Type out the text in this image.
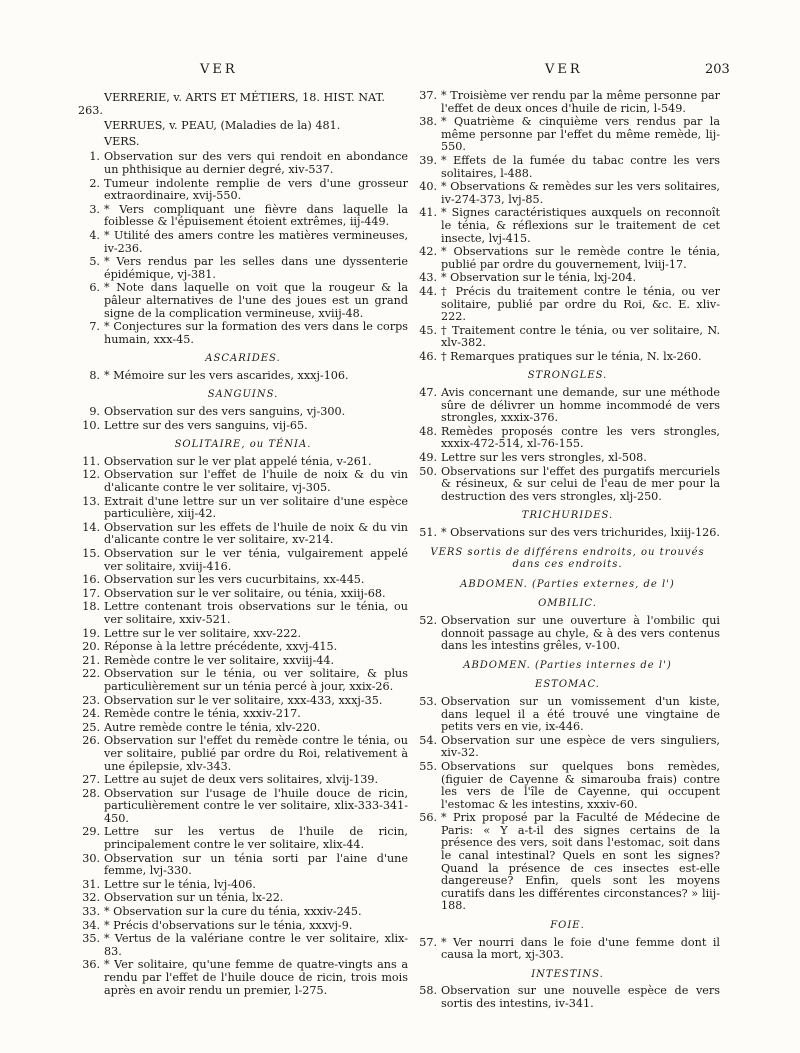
VER	VER	203
VERRERIE, v. ARTS ET MÉTIERS, 18. HIST. NAT. 263.
VERRUES, v. PEAU, (Maladies de la) 481.
VERS.
1. Observation sur des vers qui rendoit en abondance un phthisique au dernier degré, xiv-537.
2. Tumeur indolente remplie de vers d'une grosseur extraordinaire, xvij-550.
3. * Vers compliquant une fièvre dans laquelle la foiblesse & l'épuisement étoient extrêmes, iij-449.
4. * Utilité des amers contre les matières vermineuses, iv-236.
5. * Vers rendus par les selles dans une dyssenterie épidémique, vj-381.
6. * Note dans laquelle on voit que la rougeur & la pâleur alternatives de l'une des joues est un grand signe de la complication vermineuse, xviij-48.
7. * Conjectures sur la formation des vers dans le corps humain, xxx-45.
ASCARIDES.
8. * Mémoire sur les vers ascarides, xxxj-106.
SANGUINS.
9. Observation sur des vers sanguins, vj-300.
10. Lettre sur des vers sanguins, vij-65.
SOLITAIRE, ou TÉNIA.
11. Observation sur le ver plat appelé ténia, v-261.
12. Observation sur l'effet de l'huile de noix & du vin d'alicante contre le ver solitaire, vj-305.
13. Extrait d'une lettre sur un ver solitaire d'une espèce particulière, xiij-42.
14. Observation sur les effets de l'huile de noix & du vin d'alicante contre le ver solitaire, xv-214.
15. Observation sur le ver ténia, vulgairement appelé ver solitaire, xviij-416.
16. Observation sur les vers cucurbitains, xx-445.
17. Observation sur le ver solitaire, ou ténia, xxiij-68.
18. Lettre contenant trois observations sur le ténia, ou ver solitaire, xxiv-521.
19. Lettre sur le ver solitaire, xxv-222.
20. Réponse à la lettre précédente, xxvj-415.
21. Remède contre le ver solitaire, xxviij-44.
22. Observation sur le ténia, ou ver solitaire, & plus particulièrement sur un ténia percé à jour, xxix-26.
23. Observation sur le ver solitaire, xxx-433, xxxj-35.
24. Remède contre le ténia, xxxiv-217.
25. Autre remède contre le ténia, xlv-220.
26. Observation sur l'effet du remède contre le ténia, ou ver solitaire, publié par ordre du Roi, relativement à une épilepsie, xlv-343.
27. Lettre au sujet de deux vers solitaires, xlvij-139.
28. Observation sur l'usage de l'huile douce de ricin, particulièrement contre le ver solitaire, xlix-333-341-450.
29. Lettre sur les vertus de l'huile de ricin, principalement contre le ver solitaire, xlix-44.
30. Observation sur un ténia sorti par l'aine d'une femme, lvj-330.
31. Lettre sur le ténia, lvj-406.
32. Observation sur un ténia, lx-22.
33. * Observation sur la cure du ténia, xxxiv-245.
34. * Précis d'observations sur le ténia, xxxvj-9.
35. * Vertus de la valériane contre le ver solitaire, xlix-83.
36. * Ver solitaire, qu'une femme de quatre-vingts ans a rendu par l'effet de l'huile douce de ricin, trois mois après en avoir rendu un premier, l-275.
37. * Troisième ver rendu par la même personne par l'effet de deux onces d'huile de ricin, l-549.
38. * Quatrième & cinquième vers rendus par la même personne par l'effet du même remède, lij-550.
39. * Effets de la fumée du tabac contre les vers solitaires, l-488.
40. * Observations & remèdes sur les vers solitaires, iv-274-373, lvj-85.
41. * Signes caractéristiques auxquels on reconnoît le ténia, & réflexions sur le traitement de cet insecte, lvj-415.
42. * Observations sur le remède contre le ténia, publié par ordre du gouvernement, lviij-17.
43. * Observation sur le ténia, lxj-204.
44. † Précis du traitement contre le ténia, ou ver solitaire, publié par ordre du Roi, &c. E. xliv-222.
45. † Traitement contre le ténia, ou ver solitaire, N. xlv-382.
46. † Remarques pratiques sur le ténia, N. lx-260.
STRONGLES.
47. Avis concernant une demande, sur une méthode sûre de délivrer un homme incommodé de vers strongles, xxxix-376.
48. Remèdes proposés contre les vers strongles, xxxix-472-514, xl-76-155.
49. Lettre sur les vers strongles, xl-508.
50. Observations sur l'effet des purgatifs mercuriels & résineux, & sur celui de l'eau de mer pour la destruction des vers strongles, xlj-250.
TRICHURIDES.
51. * Observations sur des vers trichurides, lxiij-126.
VERS sortis de différens endroits, ou trouvés dans ces endroits.
ABDOMEN. (Parties externes, de l')
OMBILIC.
52. Observation sur une ouverture à l'ombilic qui donnoit passage au chyle, & à des vers contenus dans les intestins grêles, v-100.
ABDOMEN. (Parties internes de l')
ESTOMAC.
53. Observation sur un vomissement d'un kiste, dans lequel il a été trouvé une vingtaine de petits vers en vie, ix-446.
54. Observation sur une espèce de vers singuliers, xiv-32.
55. Observations sur quelques bons remèdes, (figuier de Cayenne & simarouba frais) contre les vers de l'île de Cayenne, qui occupent l'estomac & les intestins, xxxiv-60.
56. * Prix proposé par la Faculté de Médecine de Paris: « Y a-t-il des signes certains de la présence des vers, soit dans l'estomac, soit dans le canal intestinal? Quels en sont les signes? Quand la présence de ces insectes est-elle dangereuse? Enfin, quels sont les moyens curatifs dans les différentes circonstances? » liij-188.
FOIE.
57. * Ver nourri dans le foie d'une femme dont il causa la mort, xj-303.
INTESTINS.
58. Observation sur une nouvelle espèce de vers sortis des intestins, iv-341.
